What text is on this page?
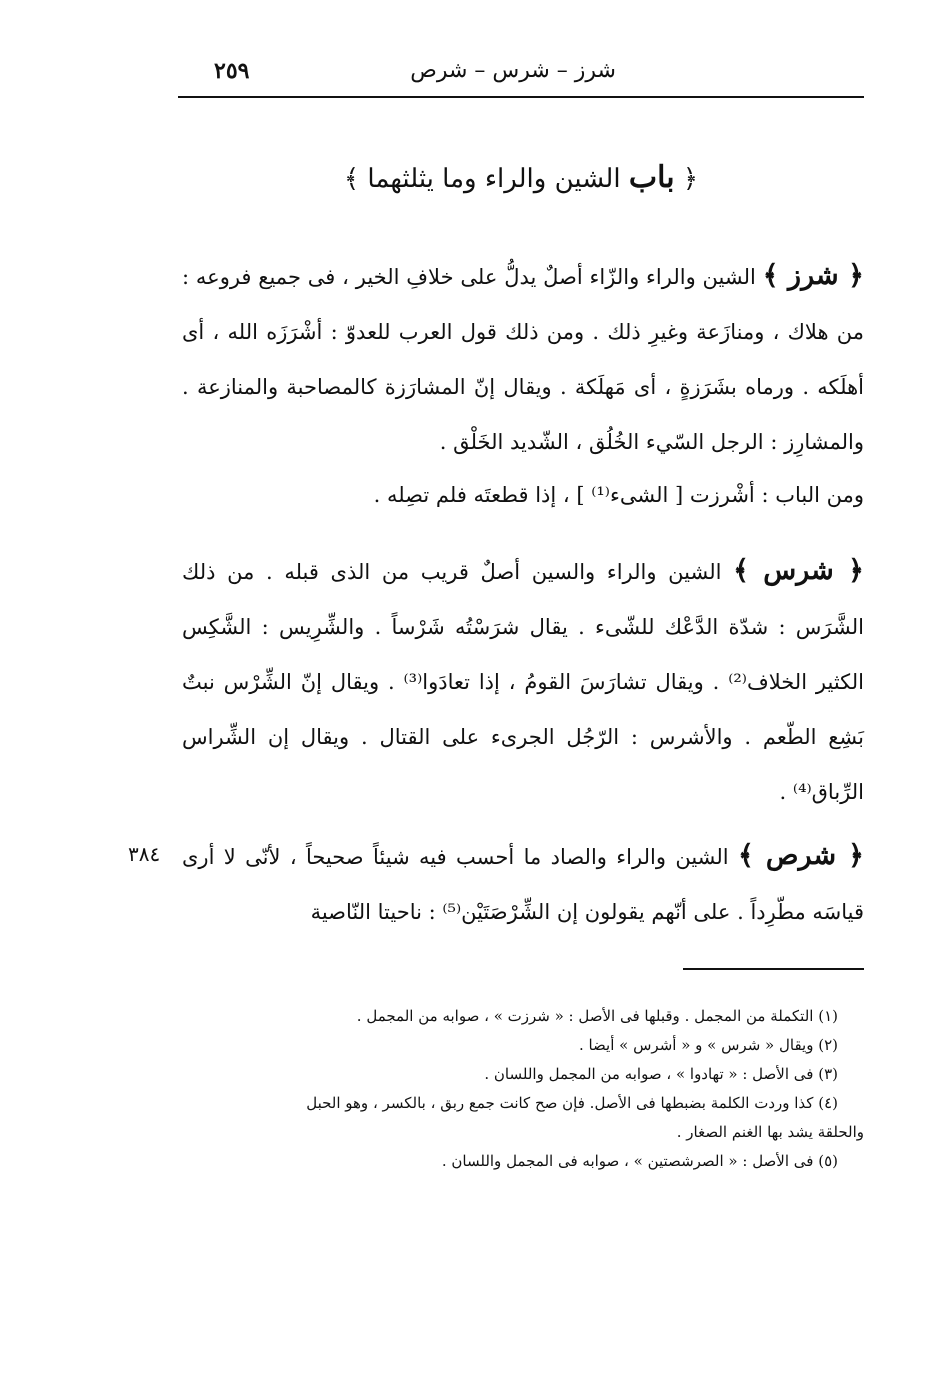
شرز – شرس – شرص
٢٥٩
﴿ باب الشين والراء وما يثلثهما ﴾
﴿ شرز ﴾ الشين والراء والزّاء أصلٌ يدلُّ على خلافِ الخير ، فى جميع فروعه : من هلاك ، ومنازَعة وغيرِ ذلك . ومن ذلك قول العرب للعدوّ : أشْرَزَه الله ، أى أهلَكه . ورماه بشَرَزةٍ ، أى مَهلَكة . ويقال إنّ المشارَزة كالمصاحبة والمنازعة . والمشارِز : الرجل السّيء الخُلُق ، الشّديد الخَلْق .
ومن الباب : أشْرزت [ الشىء⁽¹⁾ ] ، إذا قطعتَه فلم تصِله .
﴿ شرس ﴾ الشين والراء والسين أصلٌ قريب من الذى قبله . من ذلك الشَّرَس : شدّة الدَّعْك للشّىء . يقال شرَسْتُه شَرْساً . والشِّرِيس : الشَّكِس الكثير الخلاف⁽²⁾ . ويقال تشارَسَ القومُ ، إذا تعادَوا⁽³⁾ . ويقال إنّ الشِّرْس نبتٌ بَشِع الطّعم . والأشرس : الرّجُل الجرىء على القتال . ويقال إن الشِّراس الرِّباق⁽⁴⁾ .
﴿ شرص ﴾ الشين والراء والصاد ما أحسب فيه شيئاً صحيحاً ، لأنّى لا أرى قياسَه مطّرِداً . على أنّهم يقولون إن الشِّرْصَتَيْن⁽⁵⁾ : ناحيتا النّاصية
٣٨٤

(١) التكملة من المجمل . وقبلها فى الأصل : « شرزت » ، صوابه من المجمل .

(٢) ويقال « شرس » و « أشرس » أيضا .

(٣) فى الأصل : « تهادوا » ، صوابه من المجمل واللسان .

(٤) كذا وردت الكلمة بضبطها فى الأصل. فإن صح كانت جمع ربق ، بالكسر ، وهو الحبل

والحلقة يشد بها الغنم الصغار .

(٥) فى الأصل : « الصرشصتين » ، صوابه فى المجمل واللسان .
